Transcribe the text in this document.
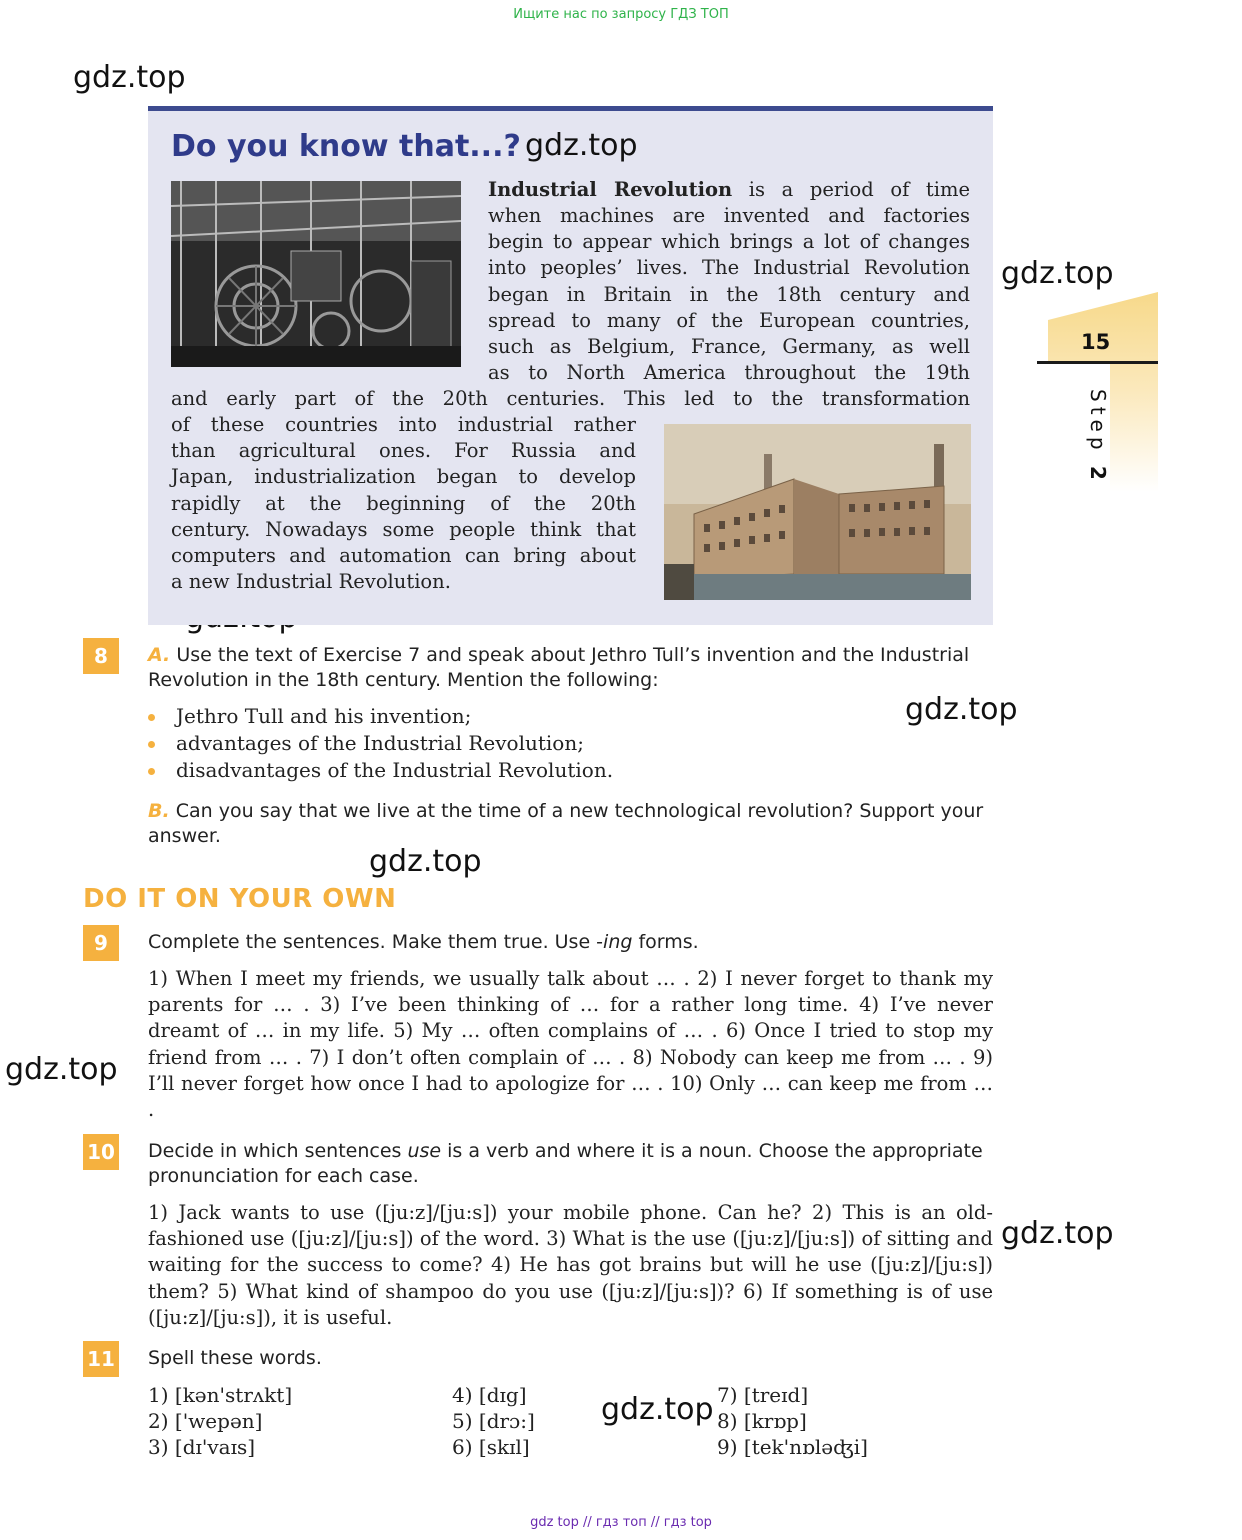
Ищите нас по запросу ГДЗ ТОП
gdz.top
gdz.top
gdz.top
gdz.top
gdz.top
gdz.top
gdz.top
Do you know that...? gdz.top
Industrial Revolution is a period of time
when machines are invented and factories
begin to appear which brings a lot of changes
into peoples’ lives. The Industrial Revolution
began in Britain in the 18th century and
spread to many of the European countries,
such as Belgium, France, Germany, as well
as to North America throughout the 19th
and early part of the 20th centuries. This led to the transformation
of these countries into industrial rather
than agricultural ones. For Russia and
Japan, industrialization began to develop
rapidly at the beginning of the 20th
century. Nowadays some people think that
computers and automation can bring about
a new Industrial Revolution.
15
Step 2
8	A. Use the text of Exercise 7 and speak about Jethro Tull’s invention and the Industrial Revolution in the 18th century. Mention the following:
Jethro Tull and his invention;
advantages of the Industrial Revolution;
disadvantages of the Industrial Revolution.
B. Can you say that we live at the time of a new technological revolution? Support your answer.
DO IT ON YOUR OWN
9	Complete the sentences. Make them true. Use -ing forms.
1) When I meet my friends, we usually talk about … . 2) I never forget to thank my parents for … . 3) I’ve been thinking of … for a rather long time. 4) I’ve never dreamt of … in my life. 5) My … often complains of … . 6) Once I tried to stop my friend from … . 7) I don’t often complain of … . 8) Nobody can keep me from … . 9) I’ll never forget how once I had to apologize for … . 10) Only … can keep me from … .
10 Decide in which sentences use is a verb and where it is a noun. Choose the appropriate pronunciation for each case.
1) Jack wants to use ([ju:z]/[ju:s]) your mobile phone. Can he? 2) This is an old-fashioned use ([ju:z]/[ju:s]) of the word. 3) What is the use ([ju:z]/[ju:s]) of sitting and waiting for the success to come? 4) He has got brains but will he use ([ju:z]/[ju:s]) them? 5) What kind of shampoo do you use ([ju:z]/[ju:s])? 6) If something is of use ([ju:z]/[ju:s]), it is useful.
11 Spell these words.
1) [kən'strʌkt]
2) ['wepən]
3) [dɪ'vaɪs]
4) [dɪg]
5) [drɔ:]
6) [skɪl]
7) [treɪd]
8) [krɒp]
9) [tek'nɒləʤi]
gdz top // гдз топ // гдз top
